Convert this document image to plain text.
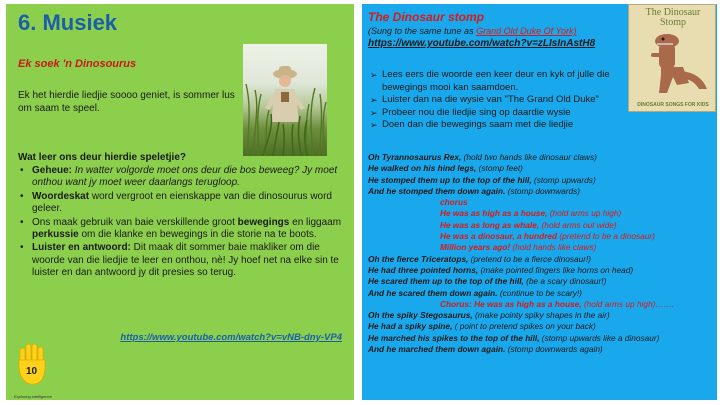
6. Musiek
Ek soek 'n Dinosourus
Ek het hierdie liedjie soooo geniet, is sommer lus om saam te speel.
Wat leer ons deur hierdie speletjie?
• Geheue: In watter volgorde moet ons deur die bos beweeg? Jy moet onthou want jy moet weer daarlangs terugloop.
• Woordeskat word vergroot en eienskappe van die dinosourus word geleer.
• Ons maak gebruik van baie verskillende groot bewegings en liggaam perkussie om die klanke en bewegings in die storie na te boots.
• Luister en antwoord: Dit maak dit sommer baie makliker om die woorde van die liedjie te leer en onthou, nè! Jy hoef net na elke sin te luister en dan antwoord jy dit presies so terug.
https://www.youtube.com/watch?v=vNB-dny-VP4
10
Exploring intelligence
The Dinosaur stomp
(Sung to the same tune as Grand Old Duke Of York)
https://www.youtube.com/watch?v=zLIsInAstH8
The Dinosaur
Stomp
DINOSAUR SONGS FOR KIDS
➢ Lees eers die woorde een keer deur en kyk of julle die bewegings mooi kan saamdoen.
➢ Luister dan na die wysie van "The Grand Old Duke"
➢ Probeer nou die liedjie sing op daardie wysie
➢ Doen dan die bewegings saam met die liedjie
Oh Tyrannosaurus Rex, (hold two hands like dinosaur claws)
He walked on his hind legs, (stomp feet)
He stomped them up to the top of the hill, (stomp upwards)
And he stomped them down again. (stomp downwards)
chorus
He was as high as a house, (hold arms up high)
He was as long as whale, (hold arms out wide)
He was a dinosaur, a hundred (pretend to be a dinosaur)
Million years ago! (hold hands like claws)
Oh the fierce Triceratops, (pretend to be a fierce dinosaur!)
He had three pointed horns, (make pointed fingers like horns on head)
He scared them up to the top of the hill, (be a scary dinosaur!)
And he scared them down again. (continue to be scary!)
Chorus: He was as high as a house, (hold arms up high)…….
Oh the spiky Stegosaurus, (make pointy spiky shapes in the air)
He had a spiky spine, ( point to pretend spikes on your back)
He marched his spikes to the top of the hill, (stomp upwards like a dinosaur)
And he marched them down again. (stomp downwards again)
